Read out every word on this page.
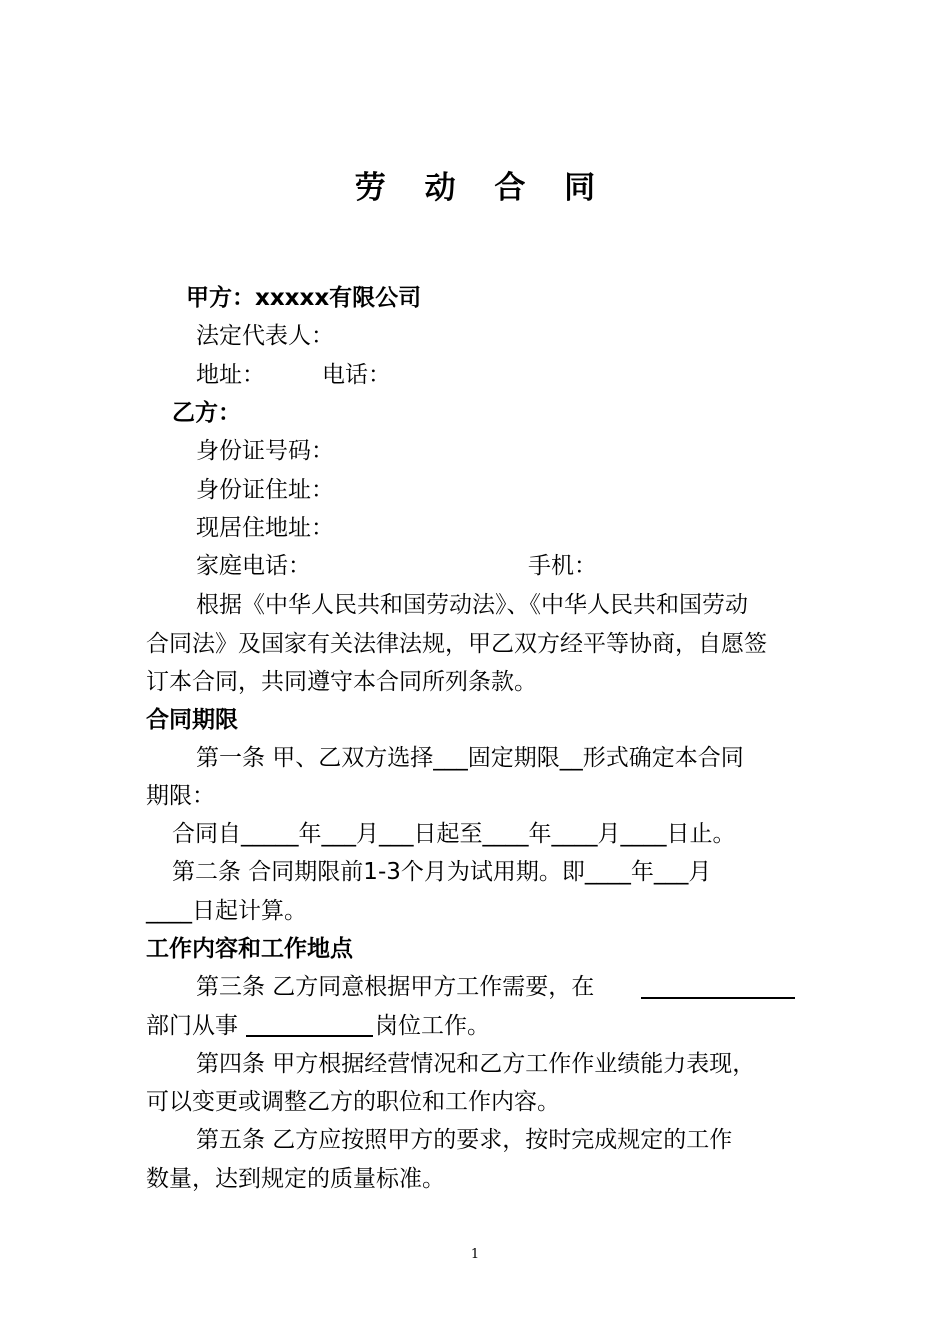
劳 动 合 同
甲方：xxxxx有限公司
法定代表人：
地址： 电话：
乙方：
身份证号码：
身份证住址：
现居住地址：
家庭电话：	手机：
根据《中华人民共和国劳动法》、《中华人民共和国劳动
合同法》及国家有关法律法规，甲乙双方经平等协商，自愿签
订本合同，共同遵守本合同所列条款。
合同期限
第一条 甲、乙双方选择___固定期限__形式确定本合同
期限：
合同自_____年___月___日起至____年____月____日止。
第二条 合同期限前1-3个月为试用期。即____年___月
____日起计算。
工作内容和工作地点
第三条 乙方同意根据甲方工作需要，在
部门从事	岗位工作。
第四条 甲方根据经营情况和乙方工作作业绩能力表现，
可以变更或调整乙方的职位和工作内容。
第五条 乙方应按照甲方的要求，按时完成规定的工作
数量，达到规定的质量标准。
1
